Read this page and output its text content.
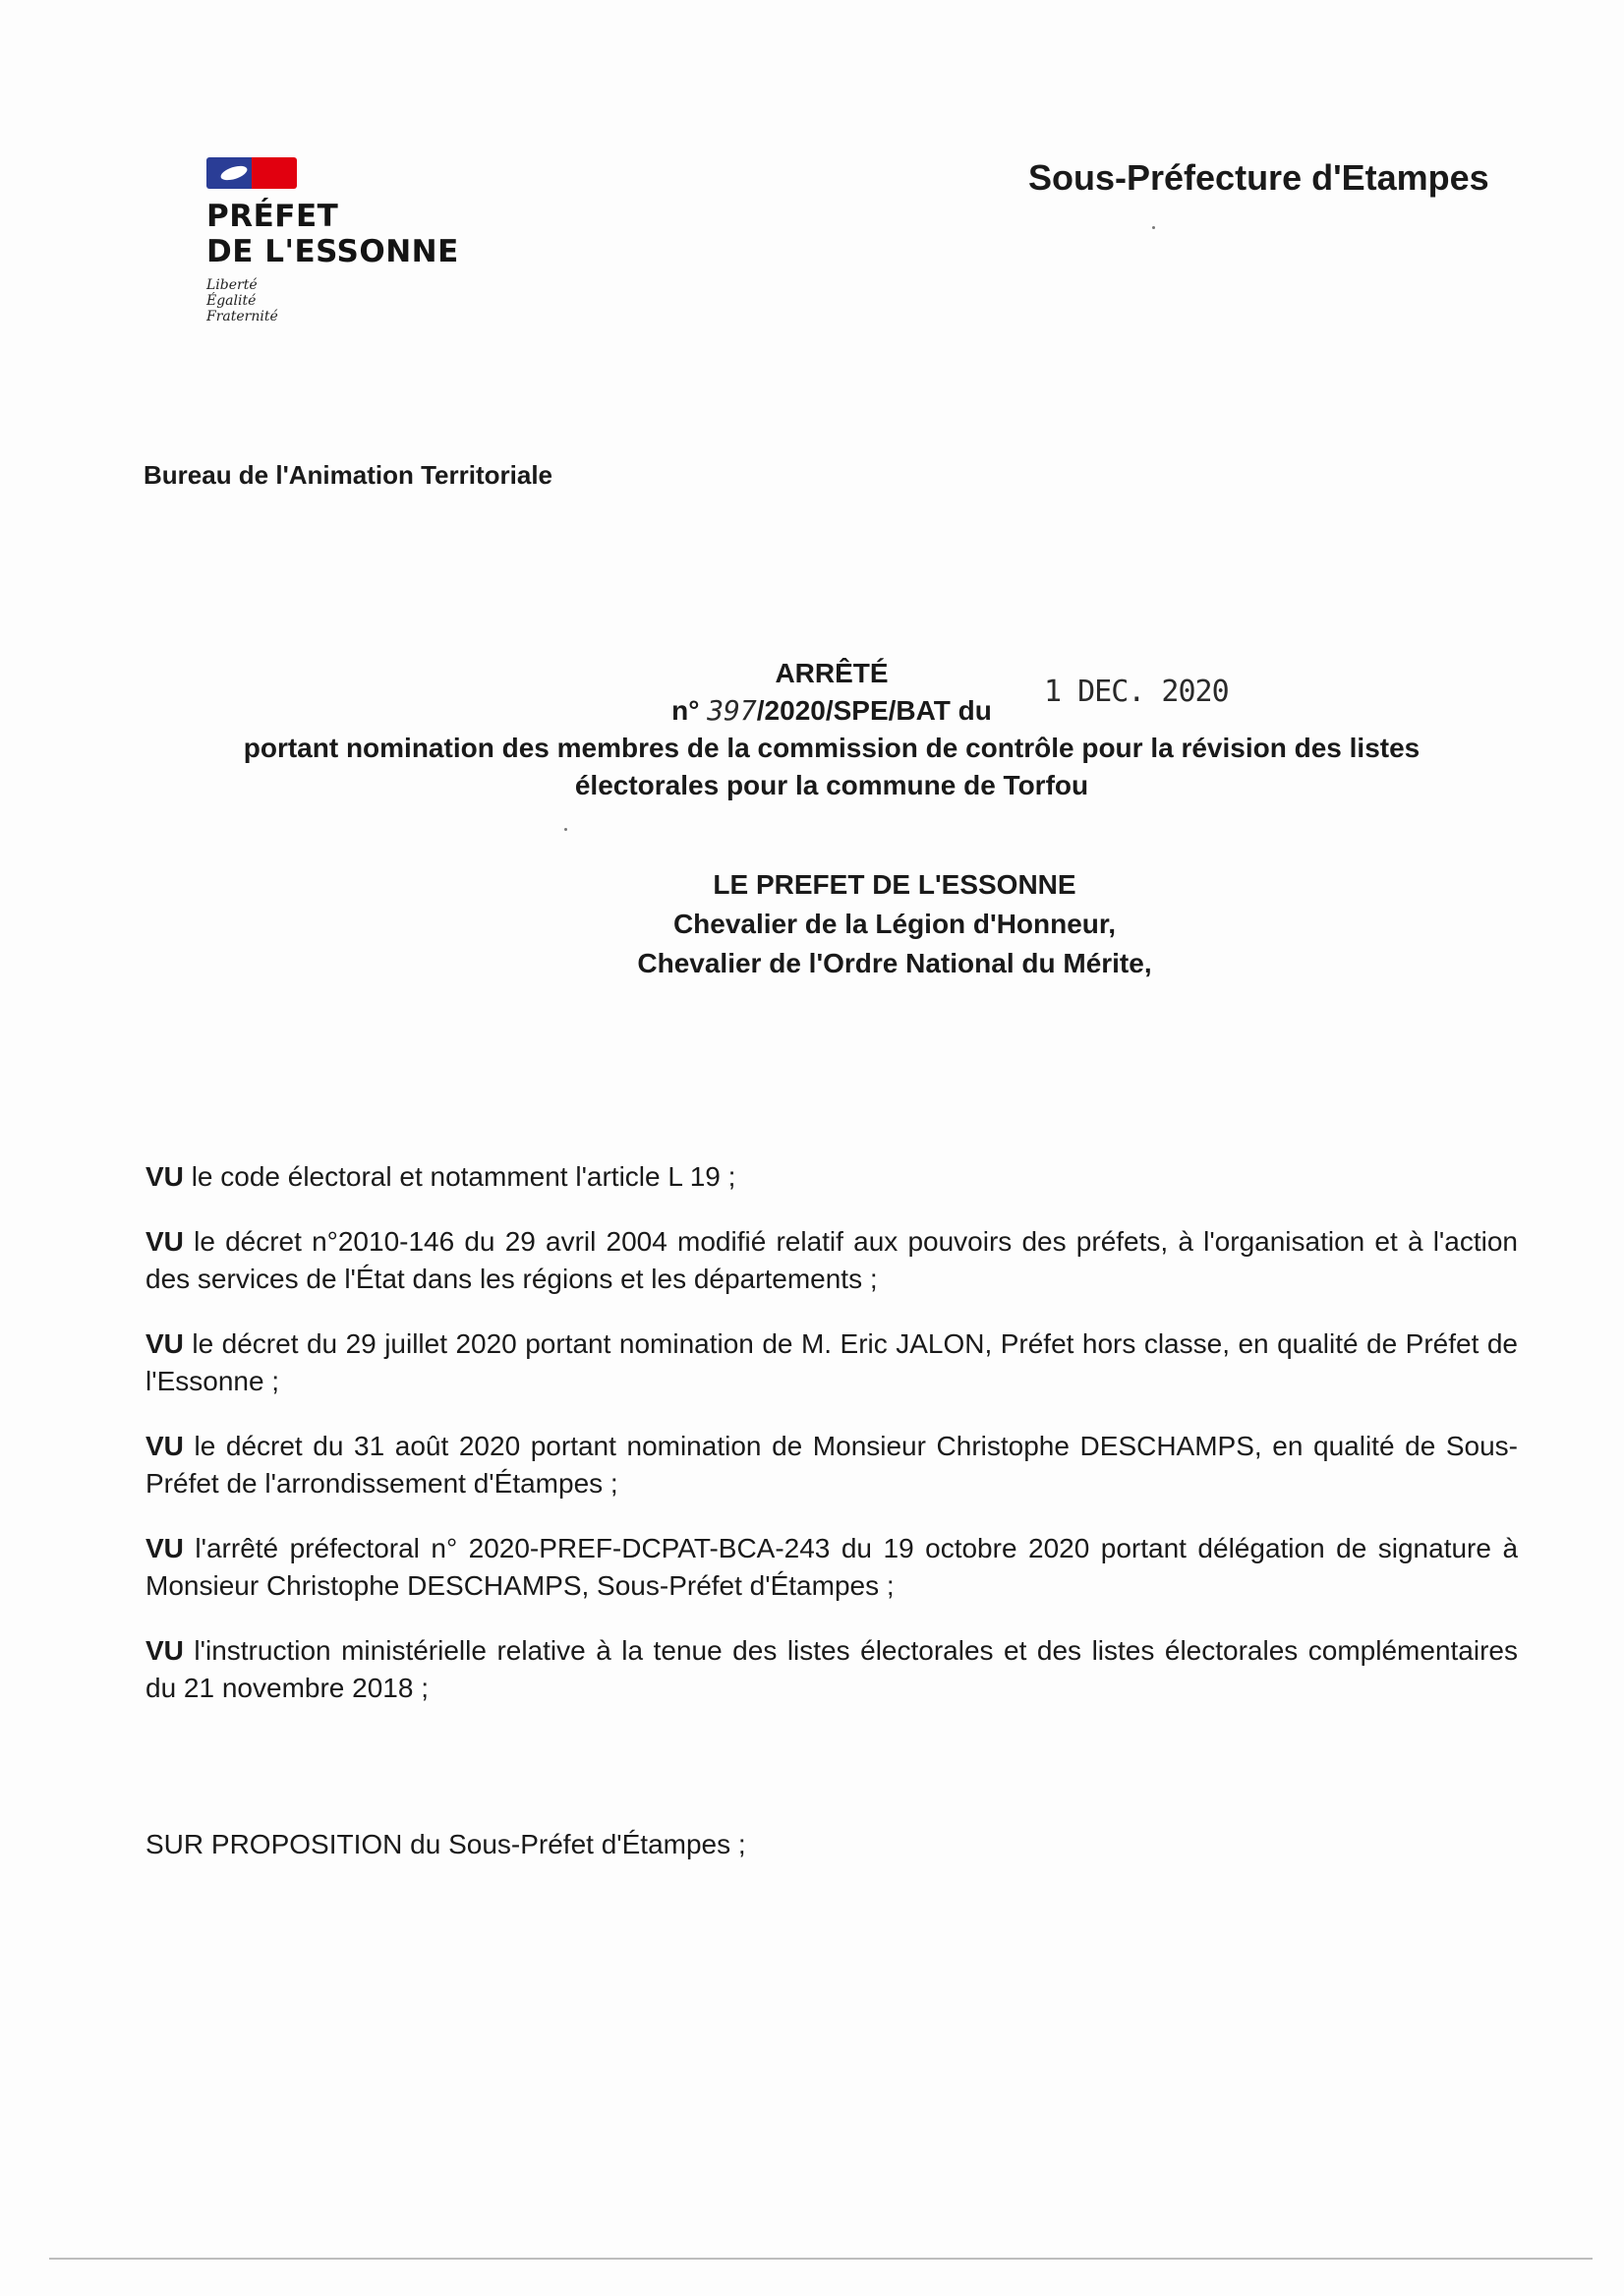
PRÉFET
DE L'ESSONNE
Liberté
Égalité
Fraternité
Sous-Préfecture d'Etampes
Bureau de l'Animation Territoriale
ARRÊTÉ
n° 397/2020/SPE/BAT du
portant nomination des membres de la commission de contrôle pour la révision des listes
électorales pour la commune de Torfou
1 DEC. 2020
LE PREFET DE L'ESSONNE
Chevalier de la Légion d'Honneur,
Chevalier de l'Ordre National du Mérite,

VU le code électoral et notamment l'article L 19 ;

VU le décret n°2010-146 du 29 avril 2004 modifié relatif aux pouvoirs des préfets, à l'organisation et à l'action des services de l'État dans les régions et les départements ;

VU le décret du 29 juillet 2020 portant nomination de M. Eric JALON, Préfet hors classe, en qualité de Préfet de l'Essonne ;

VU le décret du 31 août 2020 portant nomination de Monsieur Christophe DESCHAMPS, en qualité de Sous-Préfet de l'arrondissement d'Étampes ;

VU l'arrêté préfectoral n° 2020-PREF-DCPAT-BCA-243 du 19 octobre 2020 portant délégation de signature à Monsieur Christophe DESCHAMPS, Sous-Préfet d'Étampes ;

VU l'instruction ministérielle relative à la tenue des listes électorales et des listes électorales complémentaires du 21 novembre 2018 ;

SUR PROPOSITION du Sous-Préfet d'Étampes ;
